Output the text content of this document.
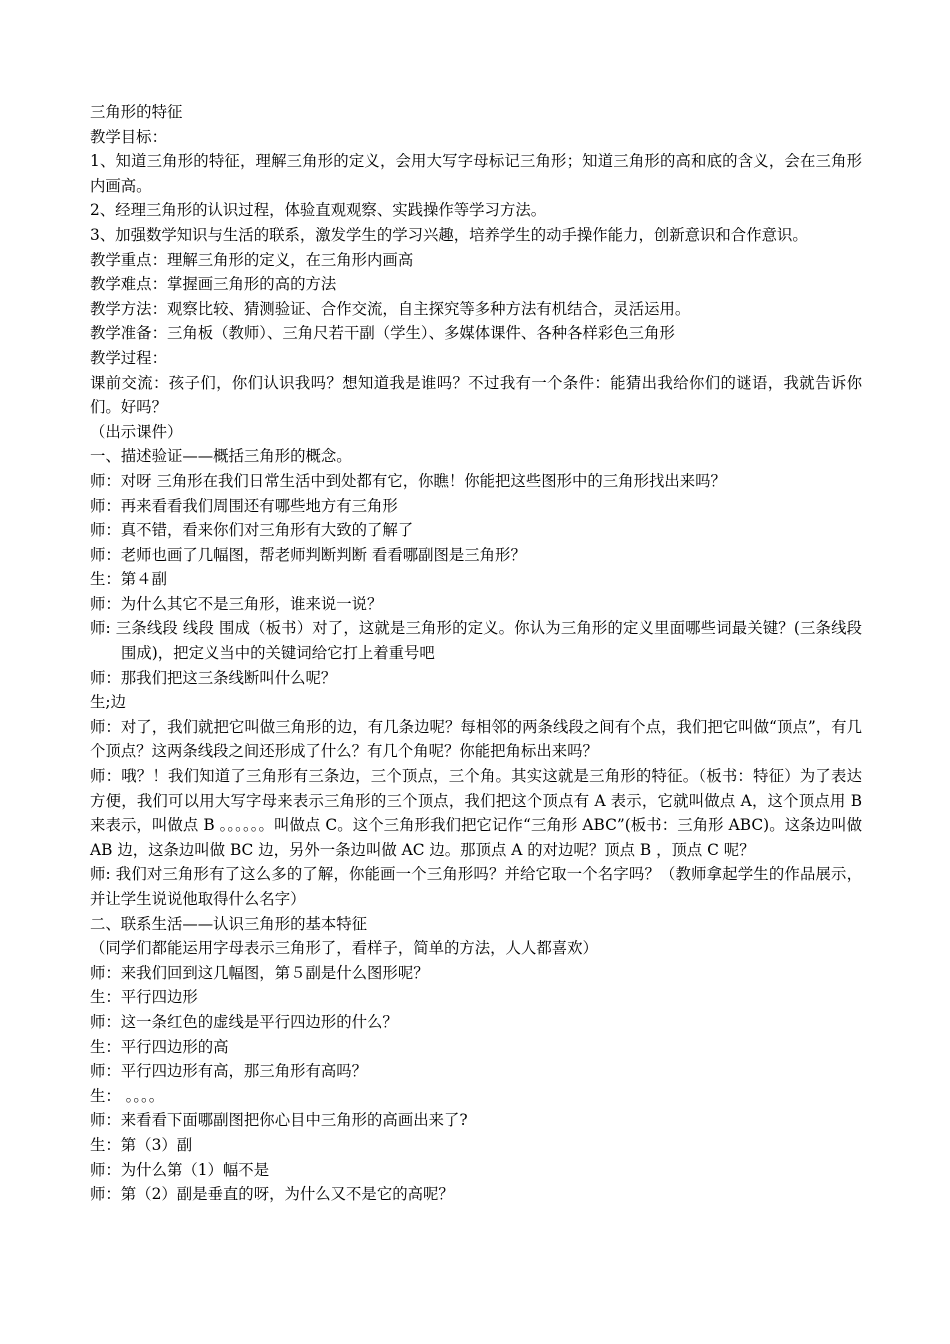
三角形的特征
教学目标：
1、知道三角形的特征，理解三角形的定义，会用大写字母标记三角形；知道三角形的高和底的含义，会在三角形内画高。
2、经理三角形的认识过程，体验直观观察、实践操作等学习方法。
3、加强数学知识与生活的联系，激发学生的学习兴趣，培养学生的动手操作能力，创新意识和合作意识。
教学重点：理解三角形的定义，在三角形内画高
教学难点：掌握画三角形的高的方法
教学方法：观察比较、猜测验证、合作交流，自主探究等多种方法有机结合，灵活运用。
教学准备：三角板（教师）、三角尺若干副（学生）、多媒体课件、各种各样彩色三角形
教学过程：
课前交流：孩子们，你们认识我吗？想知道我是谁吗？不过我有一个条件：能猜出我给你们的谜语，我就告诉你们。好吗？
（出示课件）
一、描述验证——概括三角形的概念。
师：对呀 三角形在我们日常生活中到处都有它，你瞧！你能把这些图形中的三角形找出来吗？
师：再来看看我们周围还有哪些地方有三角形
师：真不错，看来你们对三角形有大致的了解了
师：老师也画了几幅图，帮老师判断判断 看看哪副图是三角形？
生：第４副
师：为什么其它不是三角形，谁来说一说？
师: 三条线段 线段 围成（板书）对了，这就是三角形的定义。你认为三角形的定义里面哪些词最关键？(三条线段 围成)，把定义当中的关键词给它打上着重号吧
师：那我们把这三条线断叫什么呢？
生;边
师：对了，我们就把它叫做三角形的边，有几条边呢？每相邻的两条线段之间有个点，我们把它叫做“顶点”，有几个顶点？这两条线段之间还形成了什么？有几个角呢？你能把角标出来吗？
师：哦？！我们知道了三角形有三条边，三个顶点，三个角。其实这就是三角形的特征。（板书：特征）为了表达方便，我们可以用大写字母来表示三角形的三个顶点，我们把这个顶点有 A 表示，它就叫做点 A，这个顶点用 B 来表示，叫做点 B 。。。。。。叫做点 C。这个三角形我们把它记作“三角形 ABC”(板书：三角形 ABC)。这条边叫做 AB 边，这条边叫做 BC 边，另外一条边叫做 AC 边。那顶点 A 的对边呢？顶点 B ，顶点 C 呢？
师: 我们对三角形有了这么多的了解，你能画一个三角形吗？并给它取一个名字吗？（教师拿起学生的作品展示，并让学生说说他取得什么名字）
二、联系生活——认识三角形的基本特征
（同学们都能运用字母表示三角形了，看样子，简单的方法，人人都喜欢）
师：来我们回到这几幅图，第５副是什么图形呢？
生：平行四边形
师：这一条红色的虚线是平行四边形的什么？
生：平行四边形的高
师：平行四边形有高，那三角形有高吗？
生： 。。。。
师：来看看下面哪副图把你心目中三角形的高画出来了?
生：第（3）副
师：为什么第（1）幅不是
师：第（2）副是垂直的呀，为什么又不是它的高呢？
